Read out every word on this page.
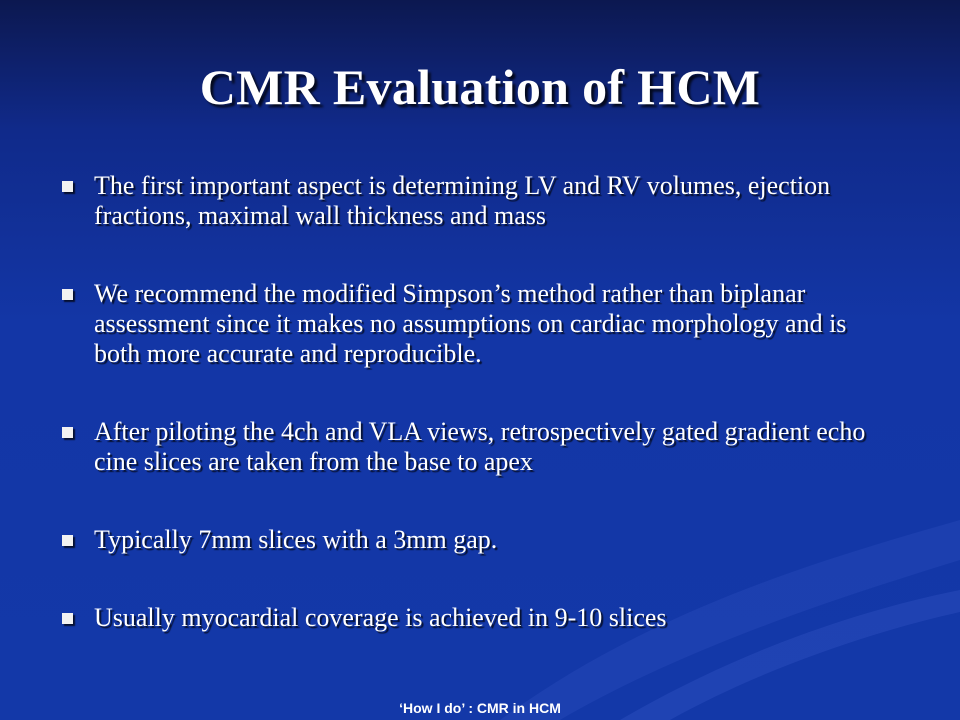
CMR Evaluation of HCM
The first important aspect is determining LV and RV volumes, ejection fractions, maximal wall thickness and mass
We recommend the modified Simpson’s method rather than biplanar assessment since it makes no assumptions on cardiac morphology and is both more accurate and reproducible.
After piloting the 4ch and VLA views, retrospectively gated gradient echo cine slices are taken from the base to apex
Typically 7mm slices with a 3mm gap.
Usually myocardial coverage is achieved in 9-10 slices
‘How I do’ : CMR in HCM
